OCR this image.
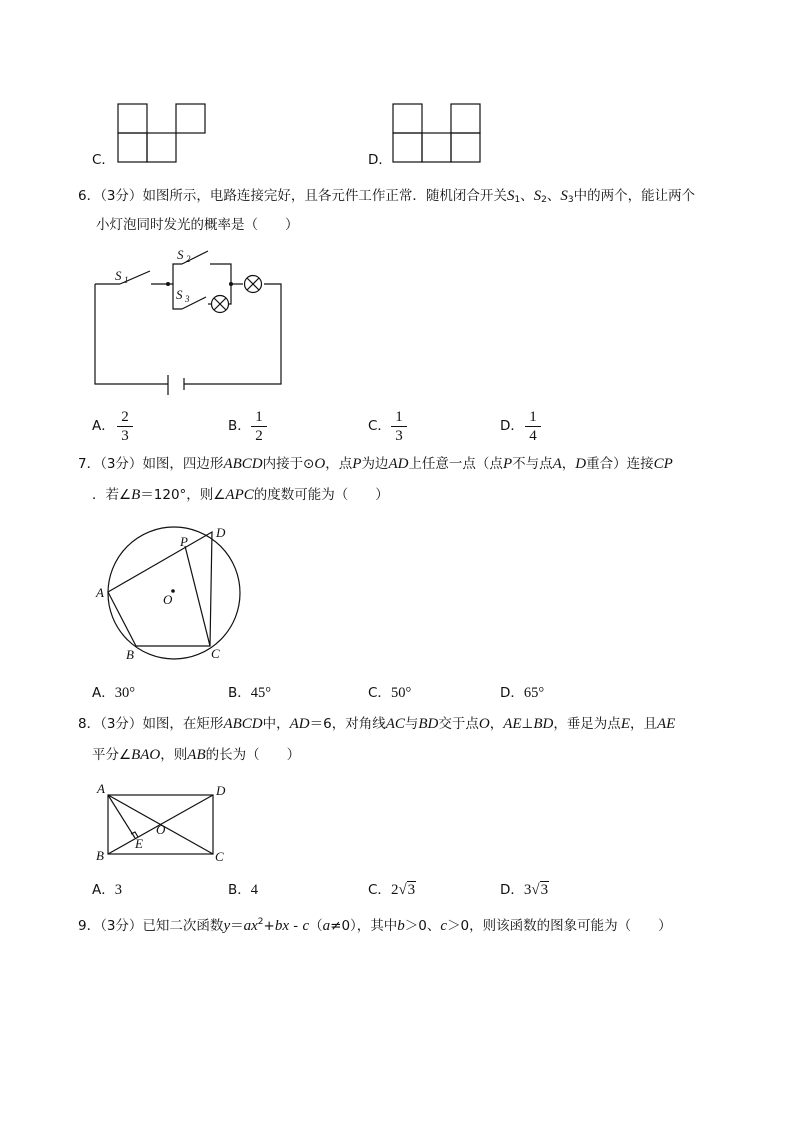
C．	D．
6．（3分）如图所示，电路连接完好，且各元件工作正常．随机闭合开关$S_1$、$S_2$、$S_3$中的两个，能让两个
小灯泡同时发光的概率是（　　）
S 1
S 2
S 3
A．
2
3
B．
1
2
C．
1
3
D．
1
4
7．（3分）如图，四边形ABCD内接于⊙O，点P为边AD上任意一点（点P不与点A，D重合）连接CP
．若∠B＝120°，则∠APC的度数可能为（　　）
A
B	C
D
P
O
A．30°	B．45°	C．50°	D．65°
8．（3分）如图，在矩形ABCD中，AD＝6，对角线AC与BD交于点O，AE⊥BD，垂足为点E，且AE
平分∠BAO，则AB的长为（　　）
A
B	C
D
E
O
A．3	B．4	C．2√3	D．3√3
9．（3分）已知二次函数$y=ax^2+bx - c(a\ne 0)$，其中b＞0、c＞0，则该函数的图象可能为（　　）
